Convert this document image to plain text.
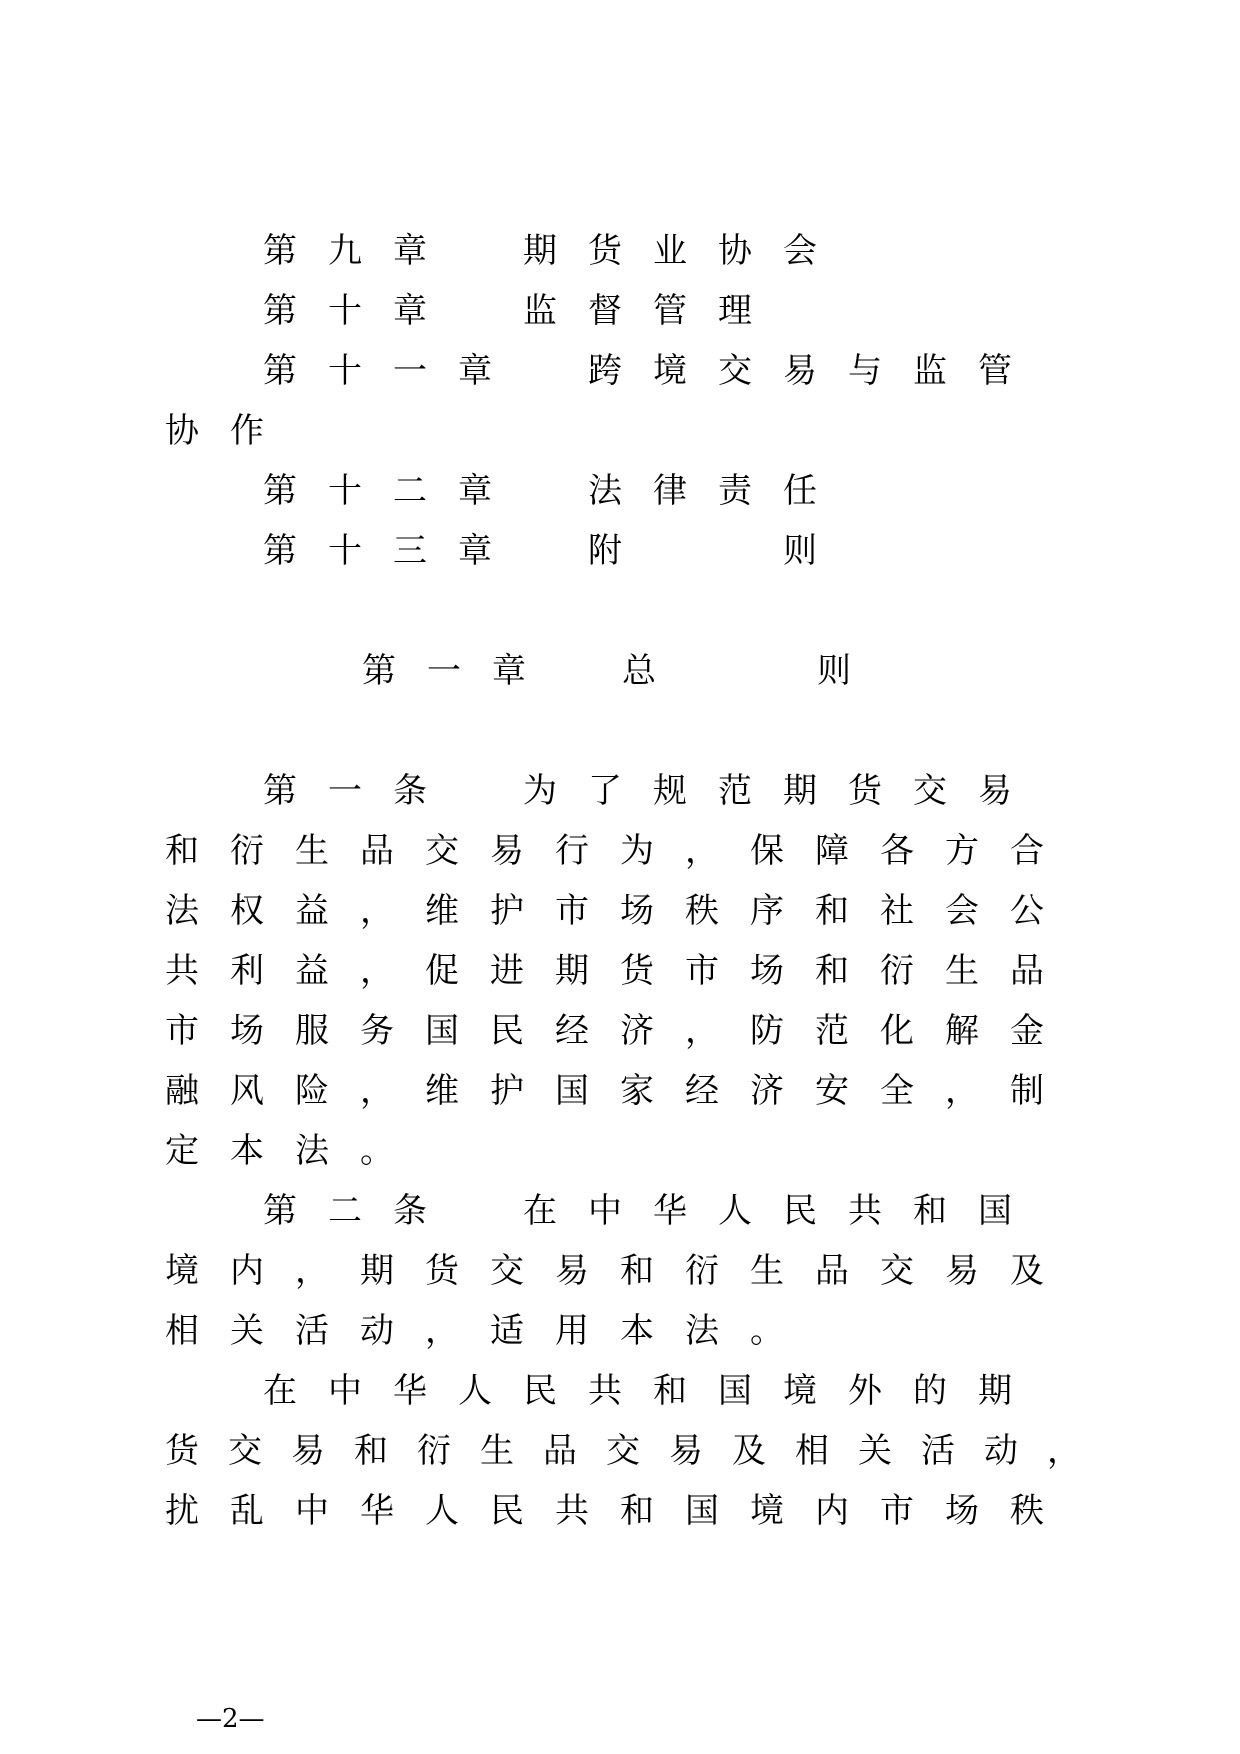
第九章　期货业协会
第十章　监督管理
第十一章　跨境交易与监管
协作
第十二章　法律责任
第十三章　附　　则
第一章　总　　则
第一条　为了规范期货交易
和衍生品交易行为，保障各方合
法权益，维护市场秩序和社会公
共利益，促进期货市场和衍生品
市场服务国民经济，防范化解金
融风险，维护国家经济安全，制
定本法。
第二条　在中华人民共和国
境内，期货交易和衍生品交易及
相关活动，适用本法。
在中华人民共和国境外的期
货交易和衍生品交易及相关活动，
扰乱中华人民共和国境内市场秩
—2—
